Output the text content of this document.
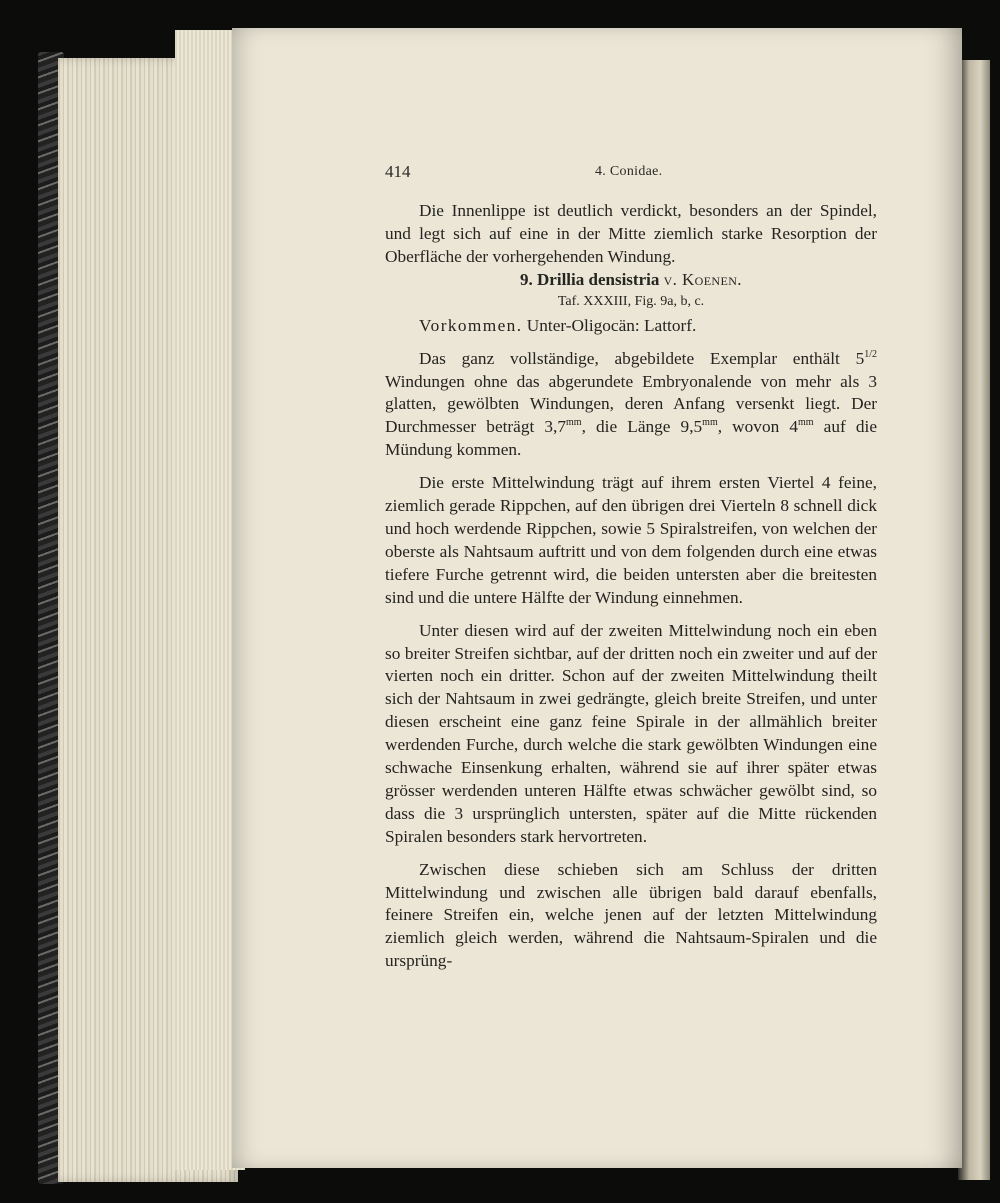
414	4. Conidae.

Die Innenlippe ist deutlich verdickt, besonders an der Spindel, und legt sich auf eine in der Mitte ziemlich starke Resorption der Oberfläche der vorhergehenden Windung.

9. Drillia densistria v. Koenen.

Taf. XXXIII, Fig. 9a, b, c.

Vorkommen. Unter-Oligocän: Lattorf.

Das ganz vollständige, abgebildete Exemplar enthält $5^{1/2}$ Windungen ohne das abgerundete Embryonalende von mehr als 3 glatten, gewölbten Windungen, deren Anfang versenkt liegt. Der Durchmesser beträgt $3,7^{mm}$, die Länge $9,5^{mm}$, wovon $4^{mm}$ auf die Mündung kommen.

Die erste Mittelwindung trägt auf ihrem ersten Viertel 4 feine, ziemlich gerade Rippchen, auf den übrigen drei Vierteln 8 schnell dick und hoch werdende Rippchen, sowie 5 Spiralstreifen, von welchen der oberste als Nahtsaum auftritt und von dem folgenden durch eine etwas tiefere Furche getrennt wird, die beiden untersten aber die breitesten sind und die untere Hälfte der Windung einnehmen.

Unter diesen wird auf der zweiten Mittelwindung noch ein eben so breiter Streifen sichtbar, auf der dritten noch ein zweiter und auf der vierten noch ein dritter. Schon auf der zweiten Mittelwindung theilt sich der Nahtsaum in zwei gedrängte, gleich breite Streifen, und unter diesen erscheint eine ganz feine Spirale in der allmählich breiter werdenden Furche, durch welche die stark gewölbten Windungen eine schwache Einsenkung erhalten, während sie auf ihrer später etwas grösser werdenden unteren Hälfte etwas schwächer gewölbt sind, so dass die 3 ursprünglich untersten, später auf die Mitte rückenden Spiralen besonders stark hervortreten.

Zwischen diese schieben sich am Schluss der dritten Mittelwindung und zwischen alle übrigen bald darauf ebenfalls, feinere Streifen ein, welche jenen auf der letzten Mittelwindung ziemlich gleich werden, während die Nahtsaum-Spiralen und die ursprüng-
